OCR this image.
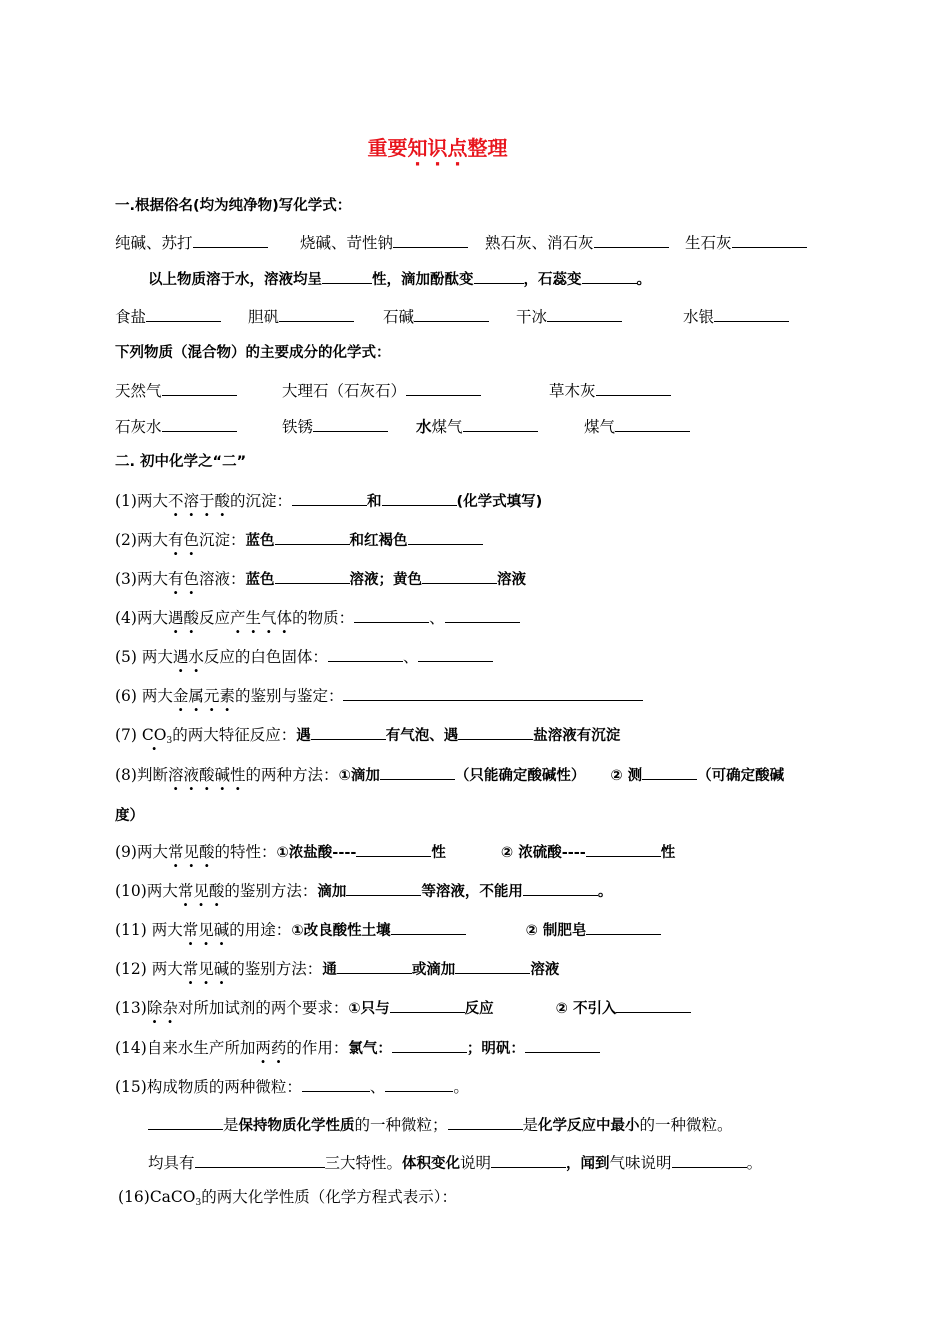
重要知识点整理
一.根据俗名(均为纯净物)写化学式：
纯碱、苏打	烧碱、苛性钠	熟石灰、消石灰	生石灰
以上物质溶于水，溶液均呈	性，滴加酚酞变	，石蕊变	。
食盐	胆矾	石碱	干冰	水银
下列物质（混合物）的主要成分的化学式：
天然气	大理石（石灰石）	草木灰
石灰水	铁锈	水煤气	煤气
二. 初中化学之“二”
(1)两大不溶于酸的沉淀：	和	(化学式填写)
(2)两大有色沉淀：蓝色	和红褐色
(3)两大有色溶液：蓝色	溶液；黄色	溶液
(4)两大遇酸反应产生气体的物质：	、
(5) 两大遇水反应的白色固体：	、
(6) 两大金属元素的鉴别与鉴定：
(7) CO $\cdot_3$的两大特征反应：遇	有气泡、遇	盐溶液有沉淀
(8)判断溶液酸碱性的两种方法：①滴加	（只能确定酸碱性） ② 测	（可确定酸碱
度）
(9)两大常见酸的特性：①浓盐酸----	性	② 浓硫酸----	性
(10)两大常见酸的鉴别方法：滴加	等溶液，不能用	。
(11) 两大常见碱的用途：①改良酸性土壤	② 制肥皂
(12) 两大常见碱的鉴别方法：通	或滴加	溶液
(13)除杂对所加试剂的两个要求：①只与	反应	② 不引入
(14)自来水生产所加两药的作用：氯气：	；明矾：
(15)构成物质的两种微粒：	、	。
是保持物质化学性质的一种微粒；	是化学反应中最小的一种微粒。
均具有	三大特性。体积变化说明	，闻到气味说明	。
(16)CaCO$_3$的两大化学性质（化学方程式表示）：
